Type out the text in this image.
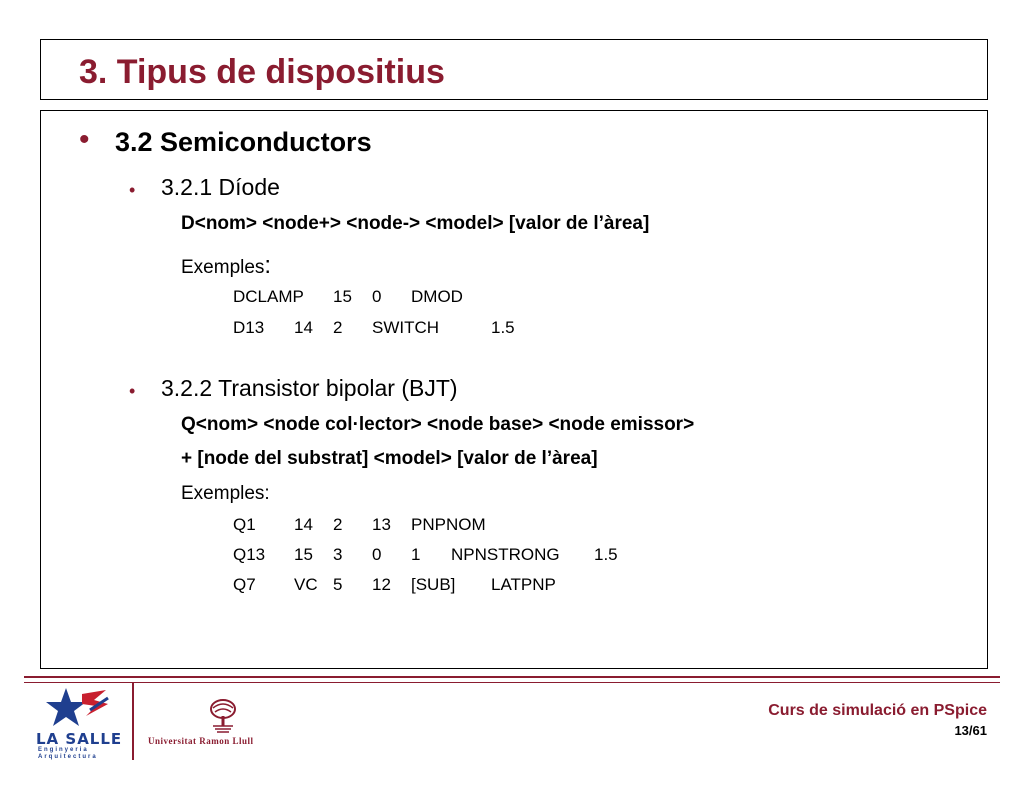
3. Tipus de dispositius
• 3.2 Semiconductors
• 3.2.1 Díode
D<nom> <node+> <node-> <model> [valor de l’àrea]
Exemples:
DCLAMP 15 0 DMOD
D13 14 2 SWITCH	1.5
• 3.2.2 Transistor bipolar (BJT)
Q<nom> <node col·lector> <node base> <node emissor>
+ [node del substrat] <model> [valor de l’àrea]
Exemples:
Q1 14 2 13 PNPNOM
Q13 15 3 0 1 NPNSTRONG 1.5
Q7 VC 5 12 [SUB] LATPNP
LA SALLE
Enginyeria
Arquitectura
Universitat Ramon Llull
Curs de simulació en PSpice
13/61
